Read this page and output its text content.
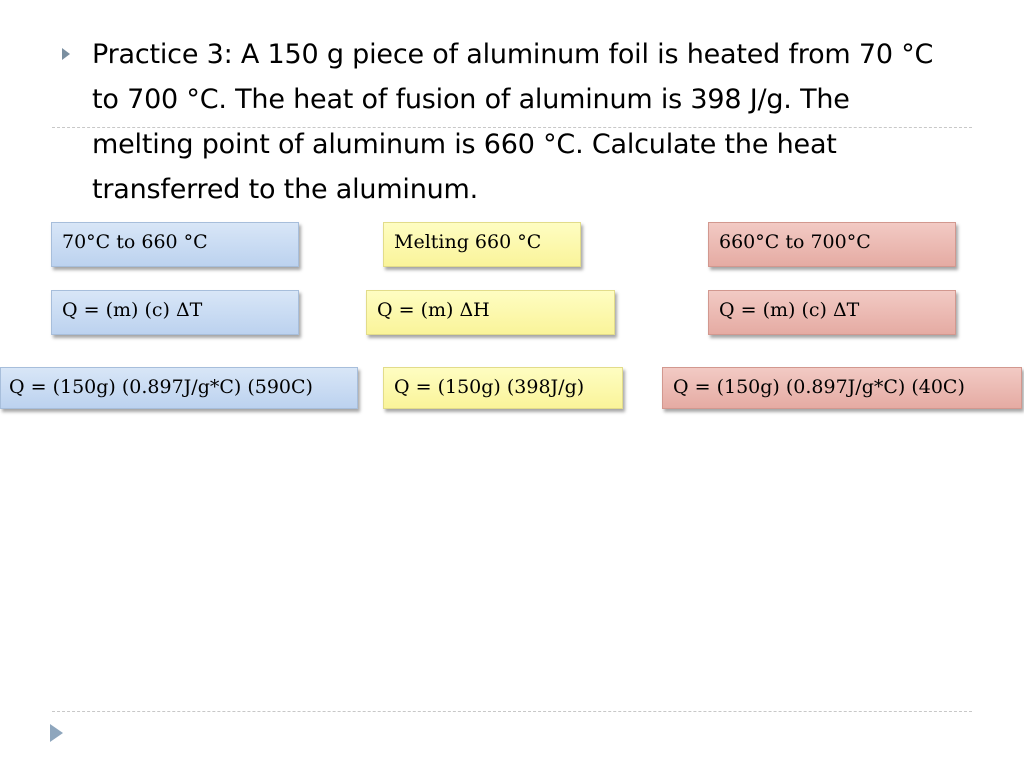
Practice 3: A 150 g piece of aluminum foil is heated from 70 °C to 700 °C. The heat of fusion of aluminum is 398 J/g. The melting point of aluminum is 660 °C. Calculate the heat transferred to the aluminum.

70°C to 660 °C	Melting 660 °C	660°C to 700°C
Q = (m) (c) ΔT	Q = (m) ΔH	Q = (m) (c) ΔT
Q = (150g) (0.897J/g*C) (590C)	Q = (150g) (398J/g)	Q = (150g) (0.897J/g*C) (40C)
